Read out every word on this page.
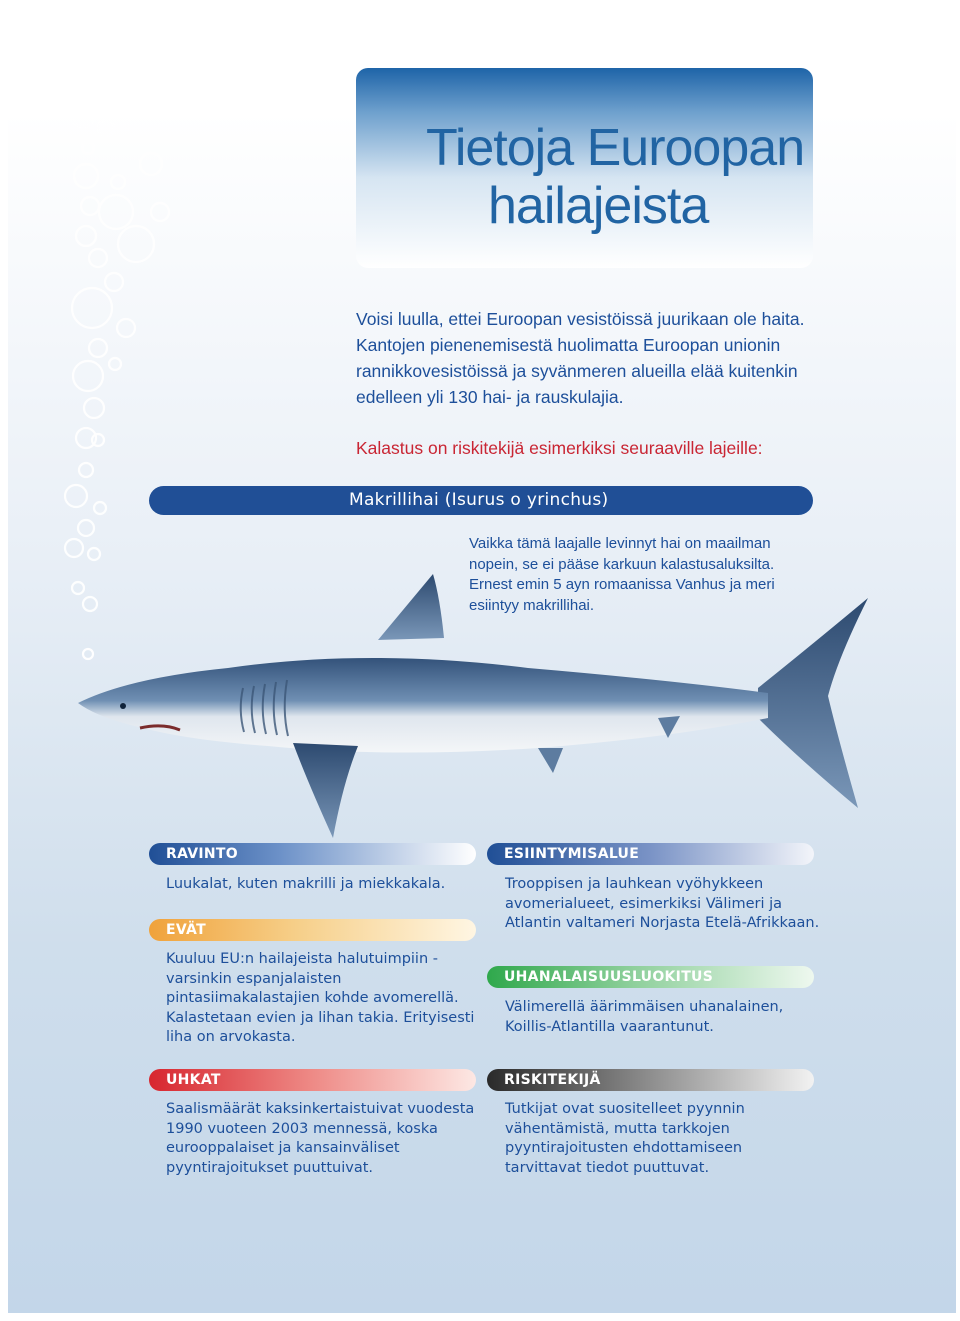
Tietoja Euroopan
hailajeista
Voisi luulla, ettei Euroopan vesistöissä juurikaan ole haita. Kantojen pienenemisestä huolimatta Euroopan unionin rannikkovesistöissä ja syvänmeren alueilla elää kuitenkin edelleen yli 130 hai- ja rauskulajia.
Kalastus on riskitekijä esimerkiksi seuraaville lajeille:
Makrillihai (Isurus o yrinchus)
Vaikka tämä laajalle levinnyt hai on maailman nopein, se ei pääse karkuun kalastusaluksilta. Ernest emin 5 ayn romaanissa Vanhus ja meri esiintyy makrillihai.
RAVINTO
Luukalat, kuten makrilli ja miekkakala.
EVÄT
Kuuluu EU:n hailajeista halutuimpiin - varsinkin espanjalaisten pintasiimakalastajien kohde avomerellä. Kalastetaan evien ja lihan takia. Erityisesti liha on arvokasta.
UHKAT
Saalismäärät kaksinkertaistuivat vuodesta 1990 vuoteen 2003 mennessä, koska eurooppalaiset ja kansainväliset pyyntirajoitukset puuttuivat.
ESIINTYMISALUE
Trooppisen ja lauhkean vyöhykkeen avomerialueet, esimerkiksi Välimeri ja Atlantin valtameri Norjasta Etelä-Afrikkaan.
UHANALAISUUSLUOKITUS
Välimerellä äärimmäisen uhanalainen, Koillis-Atlantilla vaarantunut.
RISKITEKIJÄ
Tutkijat ovat suositelleet pyynnin vähentämistä, mutta tarkkojen pyyntirajoitusten ehdottamiseen tarvittavat tiedot puuttuvat.
